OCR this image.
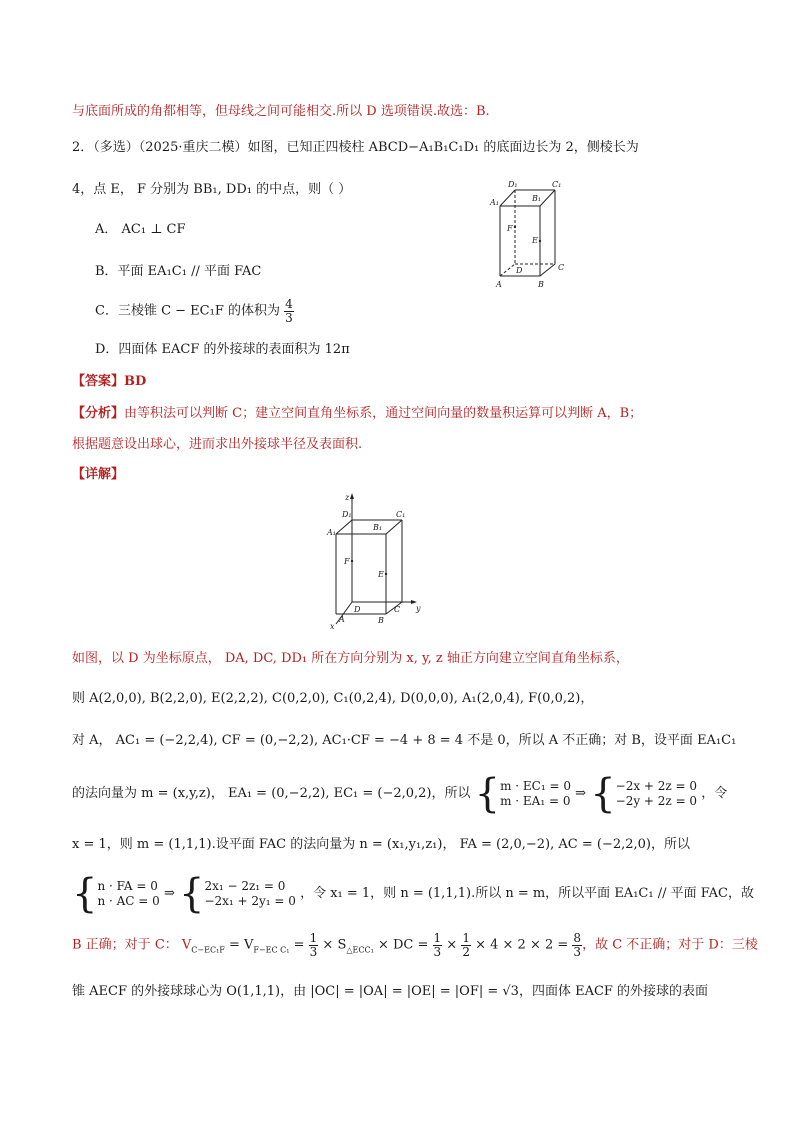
与底面所成的角都相等，但母线之间可能相交.所以 D 选项错误.故选：B.
2．（多选）（2025·重庆二模）如图，已知正四棱柱 ABCD−A₁B₁C₁D₁ 的底面边长为 2，侧棱长为
4，点 E， F 分别为 BB₁, DD₁ 的中点，则（ ）
A． AC₁ ⊥ CF
B．平面 EA₁C₁ // 平面 FAC
C．三棱锥 C − EC₁F 的体积为 $\frac{4}{3}$
D．四面体 EACF 的外接球的表面积为 12π
D₁	C₁
A₁	B₁
F
E
D	C
A	B
【答案】BD
【分析】由等积法可以判断 C；建立空间直角坐标系，通过空间向量的数量积运算可以判断 A，B；
根据题意设出球心，进而求出外接球半径及表面积.
【详解】
z
D₁	C₁
A₁
B₁
F
E
D	C y
A	B
x
如图，以 D 为坐标原点， DA, DC, DD₁ 所在方向分别为 x, y, z 轴正方向建立空间直角坐标系，
则 A(2,0,0), B(2,2,0), E(2,2,2), C(0,2,0), C₁(0,2,4), D(0,0,0), A₁(2,0,4), F(0,0,2)，
对 A， AC₁ = (−2,2,4), CF = (0,−2,2), AC₁·CF = −4 + 8 = 4 不是 0，所以 A 不正确；对 B，设平面 EA₁C₁
的法向量为 m = (x,y,z)， EA₁ = (0,−2,2), EC₁ = (−2,0,2)，所以 { m · EC₁ = 0
m · EA₁ = 0 ⇒ { −2x + 2z = 0
−2y + 2z = 0 ，令
x = 1，则 m = (1,1,1).设平面 FAC 的法向量为 n = (x₁,y₁,z₁)， FA = (2,0,−2), AC = (−2,2,0)，所以
{ n · FA = 0
n · AC = 0 ⇒ { 2x₁ − 2z₁ = 0
−2x₁ + 2y₁ = 0 ，令 x₁ = 1，则 n = (1,1,1).所以 n = m，所以平面 EA₁C₁ // 平面 FAC，故
B 正确；对于 C： $V_{C-EC_1F} = V_{F-EC C_1} = \frac{1}{3} \times S_{\triangle ECC_1}$ × DC = $\frac{1}{3} \times \frac{1}{2} \times 4 \times 2 \times 2 = \frac{8}{3}$ ，故 C 不正确；对于 D：三棱
锥 AECF 的外接球球心为 O(1,1,1)，由 |OC| = |OA| = |OE| = |OF| = √3，四面体 EACF 的外接球的表面
